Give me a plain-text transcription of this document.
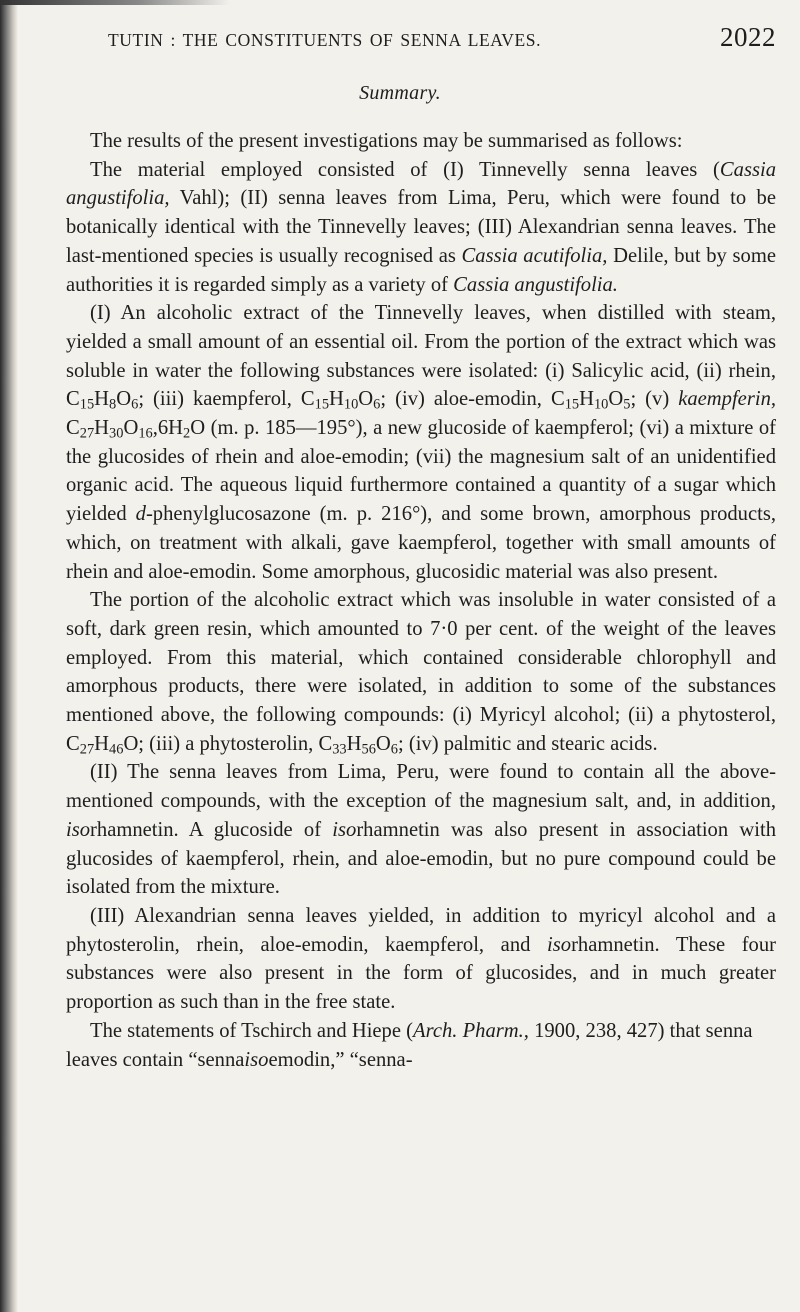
TUTIN : THE CONSTITUENTS OF SENNA LEAVES.	2022
Summary.

The results of the present investigations may be summarised as follows:

The material employed consisted of (I) Tinnevelly senna leaves (Cassia angustifolia, Vahl); (II) senna leaves from Lima, Peru, which were found to be botanically identical with the Tinnevelly leaves; (III) Alexandrian senna leaves. The last-mentioned species is usually recognised as Cassia acutifolia, Delile, but by some authorities it is regarded simply as a variety of Cassia angustifolia.

(I) An alcoholic extract of the Tinnevelly leaves, when distilled with steam, yielded a small amount of an essential oil. From the portion of the extract which was soluble in water the following substances were isolated: (i) Salicylic acid, (ii) rhein, $C_{15}H_8O_6$; (iii) kaempferol, $C_{15}H_{10}O_6$; (iv) aloe-emodin, $C_{15}H_{10}O_5$; (v) kaempferin, $C_{27}H_{30}O_{16},6H_2O$ (m. p. 185—195°), a new glucoside of kaempferol; (vi) a mixture of the glucosides of rhein and aloe-emodin; (vii) the magnesium salt of an unidentified organic acid. The aqueous liquid furthermore contained a quantity of a sugar which yielded d-phenylglucosazone (m. p. 216°), and some brown, amorphous products, which, on treatment with alkali, gave kaempferol, together with small amounts of rhein and aloe-emodin. Some amorphous, glucosidic material was also present.

The portion of the alcoholic extract which was insoluble in water consisted of a soft, dark green resin, which amounted to 7·0 per cent. of the weight of the leaves employed. From this material, which contained considerable chlorophyll and amorphous products, there were isolated, in addition to some of the substances mentioned above, the following compounds: (i) Myricyl alcohol; (ii) a phytosterol, $C_{27}H_{46}O$; (iii) a phytosterolin, $C_{33}H_{56}O_6$; (iv) palmitic and stearic acids.

(II) The senna leaves from Lima, Peru, were found to contain all the above-mentioned compounds, with the exception of the magnesium salt, and, in addition, isorhamnetin. A glucoside of isorhamnetin was also present in association with glucosides of kaempferol, rhein, and aloe-emodin, but no pure compound could be isolated from the mixture.

(III) Alexandrian senna leaves yielded, in addition to myricyl alcohol and a phytosterolin, rhein, aloe-emodin, kaempferol, and isorhamnetin. These four substances were also present in the form of glucosides, and in much greater proportion as such than in the free state.

The statements of Tschirch and Hiepe (Arch. Pharm., 1900, 238, 427) that senna leaves contain “sennaisoemodin,” “senna-
